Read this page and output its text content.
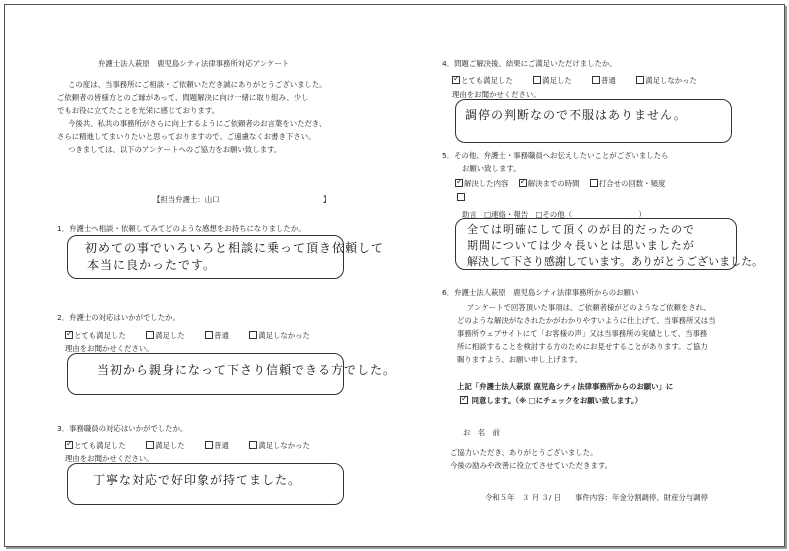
弁護士法人萩原　鹿児島シティ法律事務所対応アンケート
この度は、当事務所にご相談・ご依頼いただき誠にありがとうございました。
ご依頼者の皆様方とのご縁があって、問題解決に向け一緒に取り組み、少し
でもお役に立てたことを光栄に感じております。
今後共、私共の事務所がさらに向上するようにご依頼者のお言葉をいただき、
さらに精進してまいりたいと思っておりますので、ご遠慮なくお書き下さい。
つきましては、以下のアンケートへのご協力をお願い致します。
【担当弁護士：山口　　　　　　　　　　　　　　】
1．弁護士へ相談・依頼してみてどのような感想をお持ちになりましたか。
初めての事でいろいろと相談に乗って頂き依頼して
本当に良かったです。
2．弁護士の対応はいかがでしたか。
✓とても満足した	満足した	普通	満足しなかった
理由をお聞かせください。
当初から親身になって下さり信頼できる方でした。
3．事務職員の対応はいかがでしたか。
✓とても満足した	満足した	普通	満足しなかった
理由をお聞かせください。
丁寧な対応で好印象が持てました。
4．問題ご解決後、結果にご満足いただけましたか。
✓とても満足した	満足した	普通	満足しなかった
理由をお聞かせください。
調停の判断なので不服はありません。
5．その他、弁護士・事務職員へお伝えしたいことがございましたら
お願い致します。
✓解決した内容 ✓	解決までの時間	打合せの回数・頻度
助言　□連絡・報告　□その他（　　　　　　　　　）
全ては明確にして頂くのが目的だったので
期間については少々長いとは思いましたが
解決して下さり感謝しています。ありがとうございました。
6．弁護士法人萩原　鹿児島シティ法律事務所からのお願い
アンケートで回答頂いた事項は、ご依頼者様がどのようなご依頼をされ、
どのような解決がなされたかがわかりやすいように仕上げて、当事務所又は当
事務所ウェブサイトにて「お客様の声」又は当事務所の実績として、当事務
所に相談することを検討する方のためにお見せすることがあります。ご協力
賜りますよう、お願い申し上げます。
上記「弁護士法人萩原 鹿児島シティ法律事務所からのお願い」に
✓ 同意します。（※ □にチェックをお願い致します。）
お　名　前
ご協力いただき、ありがとうございました。
今後の励みや改善に役立てさせていただきます。
令和５年　３ 月 ３/ 日 事件内容：年金分割調停、財産分与調停
